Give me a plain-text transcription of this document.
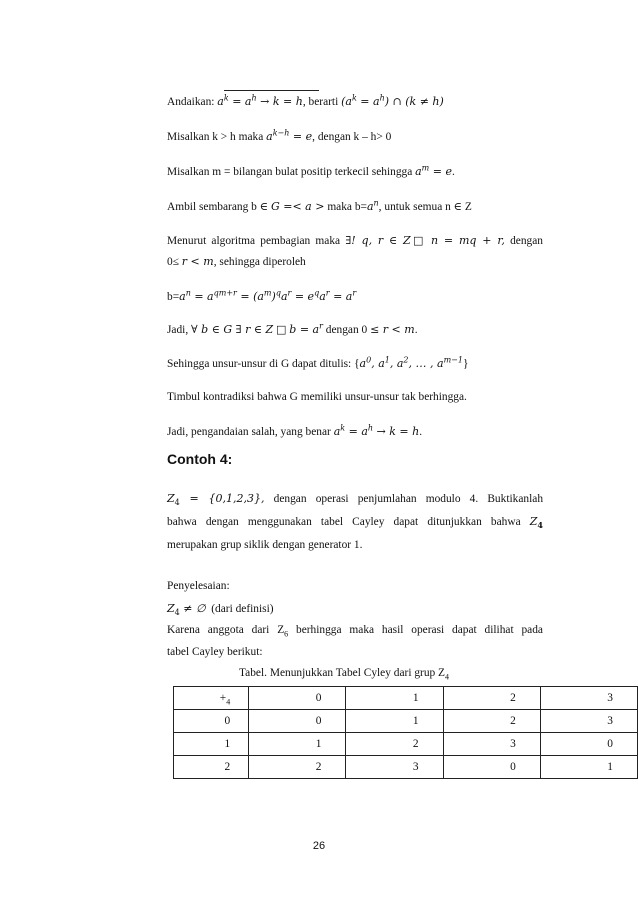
Andaikan: $a^k = a^h \to k = h$, berarti $(a^k = a^h)$ ∩ (k ≠ h)
Misalkan k > h maka $a^{k-h} = e$, dengan k – h> 0
Misalkan m = bilangan bulat positip terkecil sehingga $a^m = e$.
Ambil sembarang b ∈ G =< a > maka $b=a^n$, untuk semua n ∈ Z
Menurut algoritma pembagian maka ∃! q, r ∈ Z□ n = mq + r, dengan
0≤ r < m, sehingga diperoleh
$b=a^n = a^{qm+r} = (a^m)^qa^r = e^qa^r = a^r$
Jadi, ∀ b ∈ G ∃ r ∈ Z □ $b = a^r$ dengan 0 ≤ r < m.
Sehingga unsur-unsur di G dapat ditulis: {$a^0$, $a^1$, $a^2$, … , $a^{m-1}$}
Timbul kontradiksi bahwa G memiliki unsur-unsur tak berhingga.
Jadi, pengandaian salah, yang benar $a^k = a^h \to k = h$.
Contoh 4:
$Z_4 = \{0,1,2,3\}$, dengan operasi penjumlahan modulo 4. Buktikanlah
bahwa dengan menggunakan tabel Cayley dapat ditunjukkan bahwa $Z_4$
merupakan grup siklik dengan generator 1.
Penyelesaian:
$Z_4$ ≠ ∅  (dari definisi)
Karena anggota dari $Z_6$ berhingga maka hasil operasi dapat dilihat pada
tabel Cayley berikut:
Tabel. Menunjukkan Tabel Cyley dari grup $Z_4$
$+_4$	0	1	2	3
0	0	1	2	3
1	1	2	3	0
2	2	3	0	1
26
